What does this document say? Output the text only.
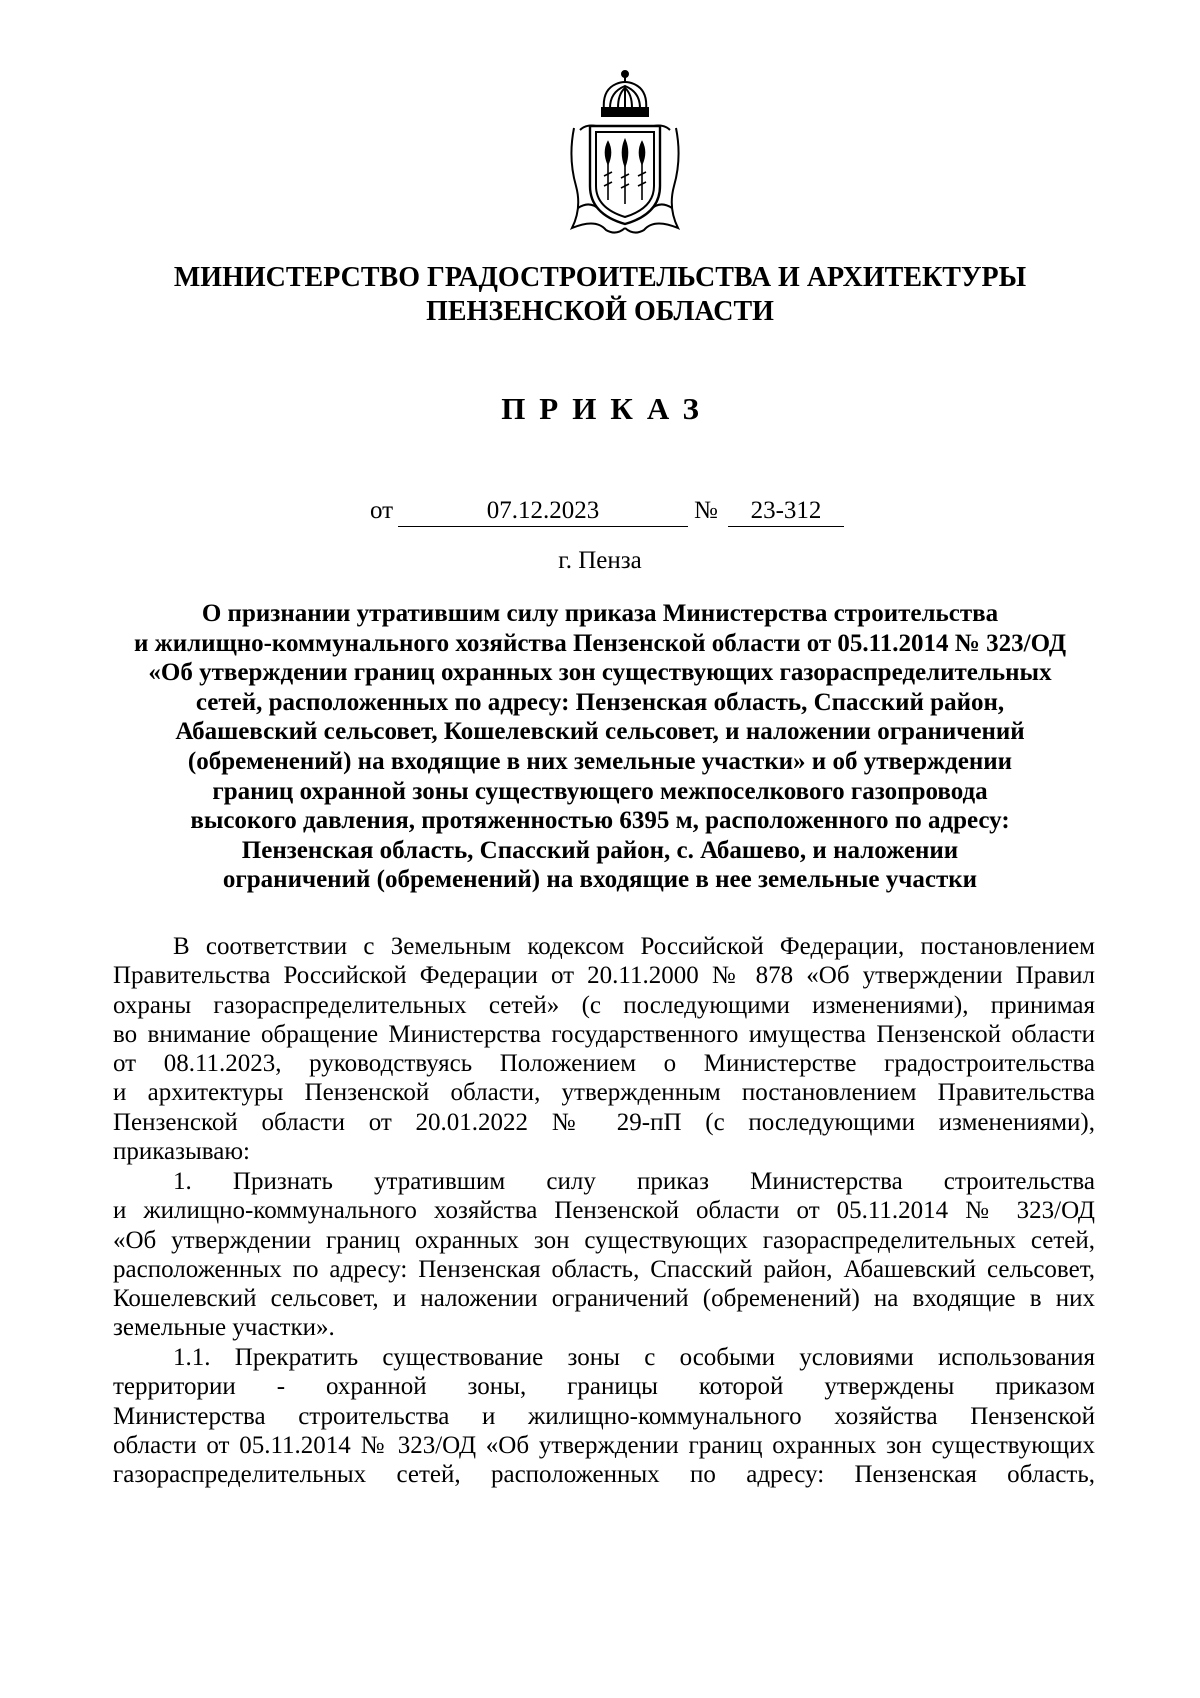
МИНИСТЕРСТВО ГРАДОСТРОИТЕЛЬСТВА И АРХИТЕКТУРЫ
ПЕНЗЕНСКОЙ ОБЛАСТИ
ПРИКАЗ
от	07.12.2023	№	23-312
г. Пенза
О признании утратившим силу приказа Министерства строительства
и жилищно-коммунального хозяйства Пензенской области от 05.11.2014 № 323/ОД
«Об утверждении границ охранных зон существующих газораспределительных
сетей, расположенных по адресу: Пензенская область, Спасский район,
Абашевский сельсовет, Кошелевский сельсовет, и наложении ограничений
(обременений) на входящие в них земельные участки» и об утверждении
границ охранной зоны существующего межпоселкового газопровода
высокого давления, протяженностью 6395 м, расположенного по адресу:
Пензенская область, Спасский район, с. Абашево, и наложении
ограничений (обременений) на входящие в нее земельные участки
В соответствии с Земельным кодексом Российской Федерации, постановлением
Правительства Российской Федерации от 20.11.2000 № 878 «Об утверждении Правил
охраны газораспределительных сетей» (с последующими изменениями), принимая
во внимание обращение Министерства государственного имущества Пензенской области
от 08.11.2023, руководствуясь Положением о Министерстве градостроительства
и архитектуры Пензенской области, утвержденным постановлением Правительства
Пензенской области от 20.01.2022 № 29-пП (с последующими изменениями),
приказываю:
1. Признать утратившим силу приказ Министерства строительства
и жилищно-коммунального хозяйства Пензенской области от 05.11.2014 № 323/ОД
«Об утверждении границ охранных зон существующих газораспределительных сетей,
расположенных по адресу: Пензенская область, Спасский район, Абашевский сельсовет,
Кошелевский сельсовет, и наложении ограничений (обременений) на входящие в них
земельные участки».
1.1. Прекратить существование зоны с особыми условиями использования
территории - охранной зоны, границы которой утверждены приказом
Министерства строительства и жилищно-коммунального хозяйства Пензенской
области от 05.11.2014 № 323/ОД «Об утверждении границ охранных зон существующих
газораспределительных сетей, расположенных по адресу: Пензенская область,
